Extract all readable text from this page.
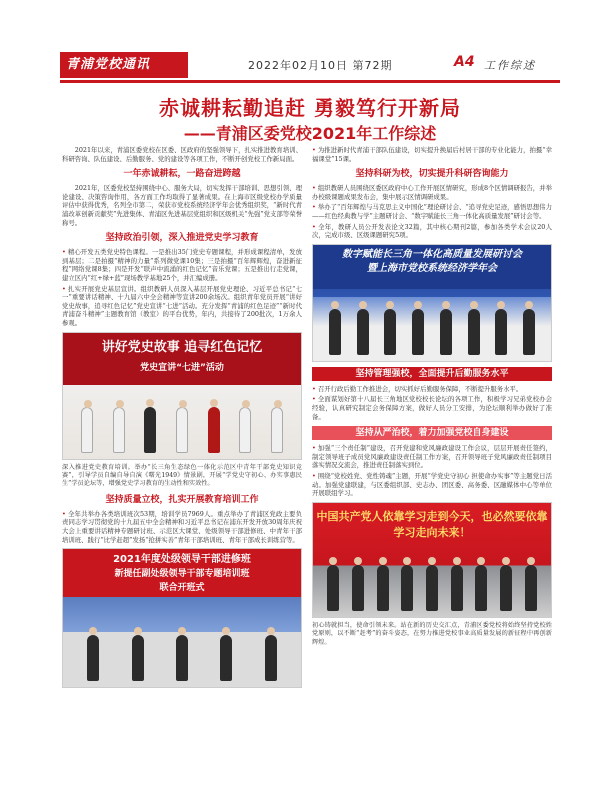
青浦党校通讯	2022年02月10日 第72期	A4 工作综述
赤诚耕耘勤追赶 勇毅笃行开新局
——青浦区委党校2021年工作综述

2021年以来，青浦区委党校在区委、区政府的坚强领导下，扎实推进教育培训、科研咨询、队伍建设、后勤服务、党的建设等各项工作，不断开创党校工作新局面。

一年赤诚耕耘，一路奋进跨越

2021年，区委党校坚持围绕中心、服务大局，切实发挥干部培训、思想引领、理论建设、决策咨询作用，各方面工作均取得了显著成果。在上海市区级党校办学质量评估中获得优秀，名列全市第二，荣获市党校系统经济学年会优秀组织奖，“新时代青浦改革创新贡献奖”先进集体、青浦区先进基层党组织和区级机关“先强”党支部等荣誉称号。

坚持政治引领，深入推进党史学习教育

• 精心开发五类党史特色课程。一是推出35门党史专题课程，并形成课程清单，发放到基层；二是拍摄“精神的力量”系列微党课10集；三是拍摄“百年辉辉煌，奋进新征程”网络党课8集；四是开发“联声中流涌的红色记忆”音乐党课；五是推出行走党课，建立区内“红+绿+蓝”现场教学基地25个，并汇编成册。

• 扎实开展党史基层宣讲。组织教研人员深入基层开展党史理论、习近平总书记“七一”重要讲话精神、十九届六中全会精神等宣讲200余场次。组织青年党员开展“讲好党史故事，追寻红色记忆”党史宣讲“七进”活动。充分发挥“青浦的红色足迹”“新时代青浦奋斗精神”主题教育馆（教室）的平台优势，年内，共接待了200批次，1万余人参观。

讲好党史故事 追寻红色记忆
党史宣讲“七进”活动

深入推进党史教育培训。举办“长三角生态绿色一体化示范区中青年干部党史知识竞赛”，引导学员自编自导自演《曙光1949》情景剧，开展“学党史守初心、办实事惠民生”学员论坛等，增强党史学习教育的生动性和实效性。

坚持质量立校，扎实开展教育培训工作

• 全年共举办各类培训班次53期，培训学员7969人。重点举办了青浦区党政主要负责同志学习贯彻党的十九届五中全会精神和习近平总书记在浦东开发开放30周年庆祝大会上重要讲话精神专题研讨班、示范区大课堂、处级领导干部进修班、中青年干部培训班、践行“比学赶超”发扬“抢拼实善”青年干部培训班、青年干部成长训练营等。

2021年度处级领导干部进修班
新提任副处级领导干部专题培训班
联合开班式

• 为推进新时代青浦干部队伍建设，切实提升换届后村居干部的专业化能力，拍摄“幸福课堂”15课。

坚持科研为校，切实提升科研咨询能力

• 组织教研人员围绕区委区政府中心工作开展区情研究，形成8个区情调研报告，并举办校级课题成果发布会，集中展示区情调研成果。

• 举办了“百年辉煌与马克思主义中国化”理论研讨会、“追寻党史足迹，感悟思想伟力——红色经典教与学”主题研讨会、“数字赋能长三角一体化高质量发展”研讨会等。

• 全年，教研人员公开发表论文32篇，其中核心期刊2篇，参加各类学术会议20人次，完成市级、区级课题研究5项。

数字赋能长三角一体化高质量发展研讨会
暨上海市党校系统经济学年会
坚持管理强校，全面提升后勤服务水平

• 召开行政后勤工作推进会，切实抓好后勤服务保障，不断提升服务水平。

• 全面谋划好第十八届长三角地区党校校长论坛的各项工作，积极学习兄弟党校办会经验，认真研究制定会务保障方案，做好人员分工安排，为论坛顺利举办做好了准备。

坚持从严治校，着力加强党校自身建设

• 加强“三个责任制”建设，召开党建和党风廉政建设工作会议，层层开展责任签约，制定领导班子成员党风廉政建设责任制工作方案，召开领导班子党风廉政责任制项目落实情况交流会，推进责任制落实到位。

• 围绕“党校姓党、党性铸魂”主题，开展“学党史守初心 担使命办实事”等主题党日活动。加强党建联建，与区委组织部、史志办、团区委、高务委、区融媒体中心等单位开展联组学习。

中国共产党人依靠学习走到今天，也必然要依靠学习走向未来！

初心铸就担当，使命引领未来。站在新的历史交汇点，青浦区委党校将始终坚持党校姓党原则，以不断“赶考”的奋斗姿态，在努力推进党校事业高质量发展的新征程中再创新辉煌。
